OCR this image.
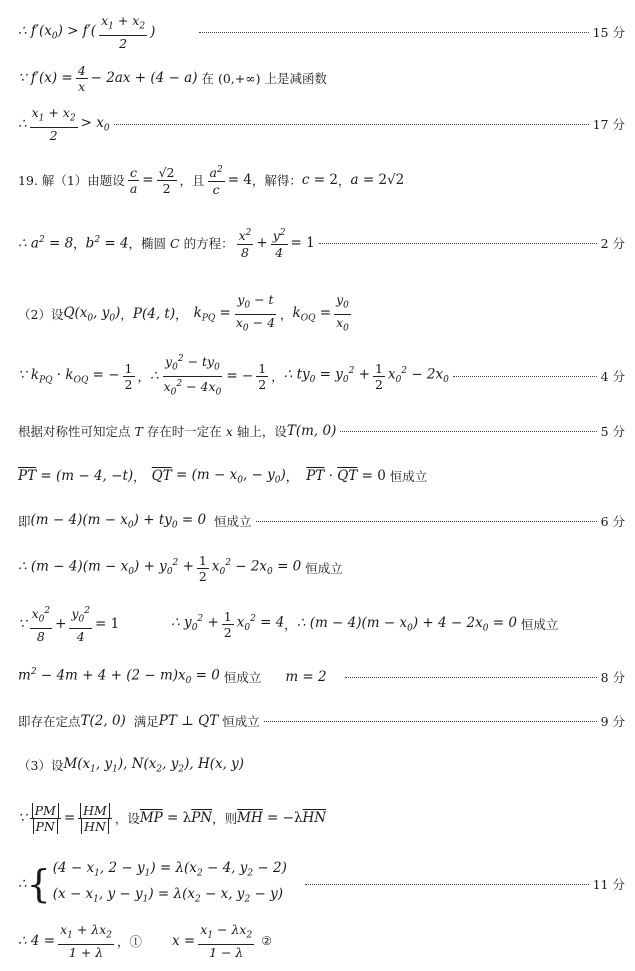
∴ $f'(x_0) > f'( \frac{x_1 + x_2}{2}$ )	15 分
∵ $f'(x) = \frac{4}{x} - 2ax + (4 - a)$ 在 (0,+∞) 上是减函数
∴ $\frac{x_1 + x_2}{2} > x_0$	17 分
19. 解（1）由题设 $\frac{c}{a} = \frac{√2}{2}$ ，且 $\frac{a^2}{c} = 4$ ，解得： c = 2 ， a = 2√2
∴ $a^2 = 8$ ， $b^2 = 4$ ，椭圆 C 的方程： $\frac{x^2}{8} + \frac{y^2}{4} = 1$	2 分
（2）设 $Q(x_0$, $y_0$) ， P(4, t) ， $k_{PQ} = \frac{y_0 - t}{x_0 - 4}$ ， $k_{OQ} = \frac{y_0}{x_0}$
∵ $k_{PQ} \cdot k_{OQ}$ = − $\frac{1}{2}$ ， ∴ $\frac{y_0^2 - ty_0}{x_0^2 - 4x_0}$ = − $\frac{1}{2}$ ， ∴ $ty_0 = y_0^2 + \frac{1}{2} x_0^2 - 2x_0$	4 分
根据对称性可知定点 T 存在时一定在 x 轴上，设 T(m, 0)	5 分
$\overline{PT}$
= (m − 4, −t) ， $\overline{QT}$
= ($m - x_0$, − $y_0$) ， $\overline{PT} \cdot \overline{QT} = 0$ 恒成立
即 $(m - 4)(m - x_0) + ty_0 = 0$ 恒成立	6 分
∴ $(m - 4)(m - x_0) + y_0^2 + \frac{1}{2} x_0^2 - 2x_0 = 0$ 恒成立
∵ $\frac{x_0^2}{8} + \frac{y_0^2}{4} = 1$	∴ $y_0^2 + \frac{1}{2} x_0^2 = 4$ ， ∴ $(m - 4)(m - x_0) + 4 - 2x_0 = 0$ 恒成立
$m^2 - 4m + 4 + (2 - m)x_0 = 0$ 恒成立 m = 2	8 分
即存在定点 T(2, 0) 满足 PT ⊥ QT 恒成立	9 分
（3）设 $M(x_1$, $y_1$), $N(x_2$, $y_2$), H(x, y)
∵ $\frac{PM}{PN} = \frac{HM}{HN}$ ，设 $\overline{MP} = \lambda$ $\overline{PN}$ ，则 $\overline{MH} = -\lambda$ $\overline{HN}$
∴ { ($4 - x_1$, $2 - y_1) = \lambda(x_2 - 4$, $y_2 - 2$)
($x - x_1$, $y - y_1) = \lambda(x_2 - x$, $y_2 - y$)
11 分
∴ $4 = \frac{x_1 + \lambda x_2}{1 + \lambda}$ ，① $x = \frac{x_1 - \lambda x_2}{1 - \lambda}$ ②
